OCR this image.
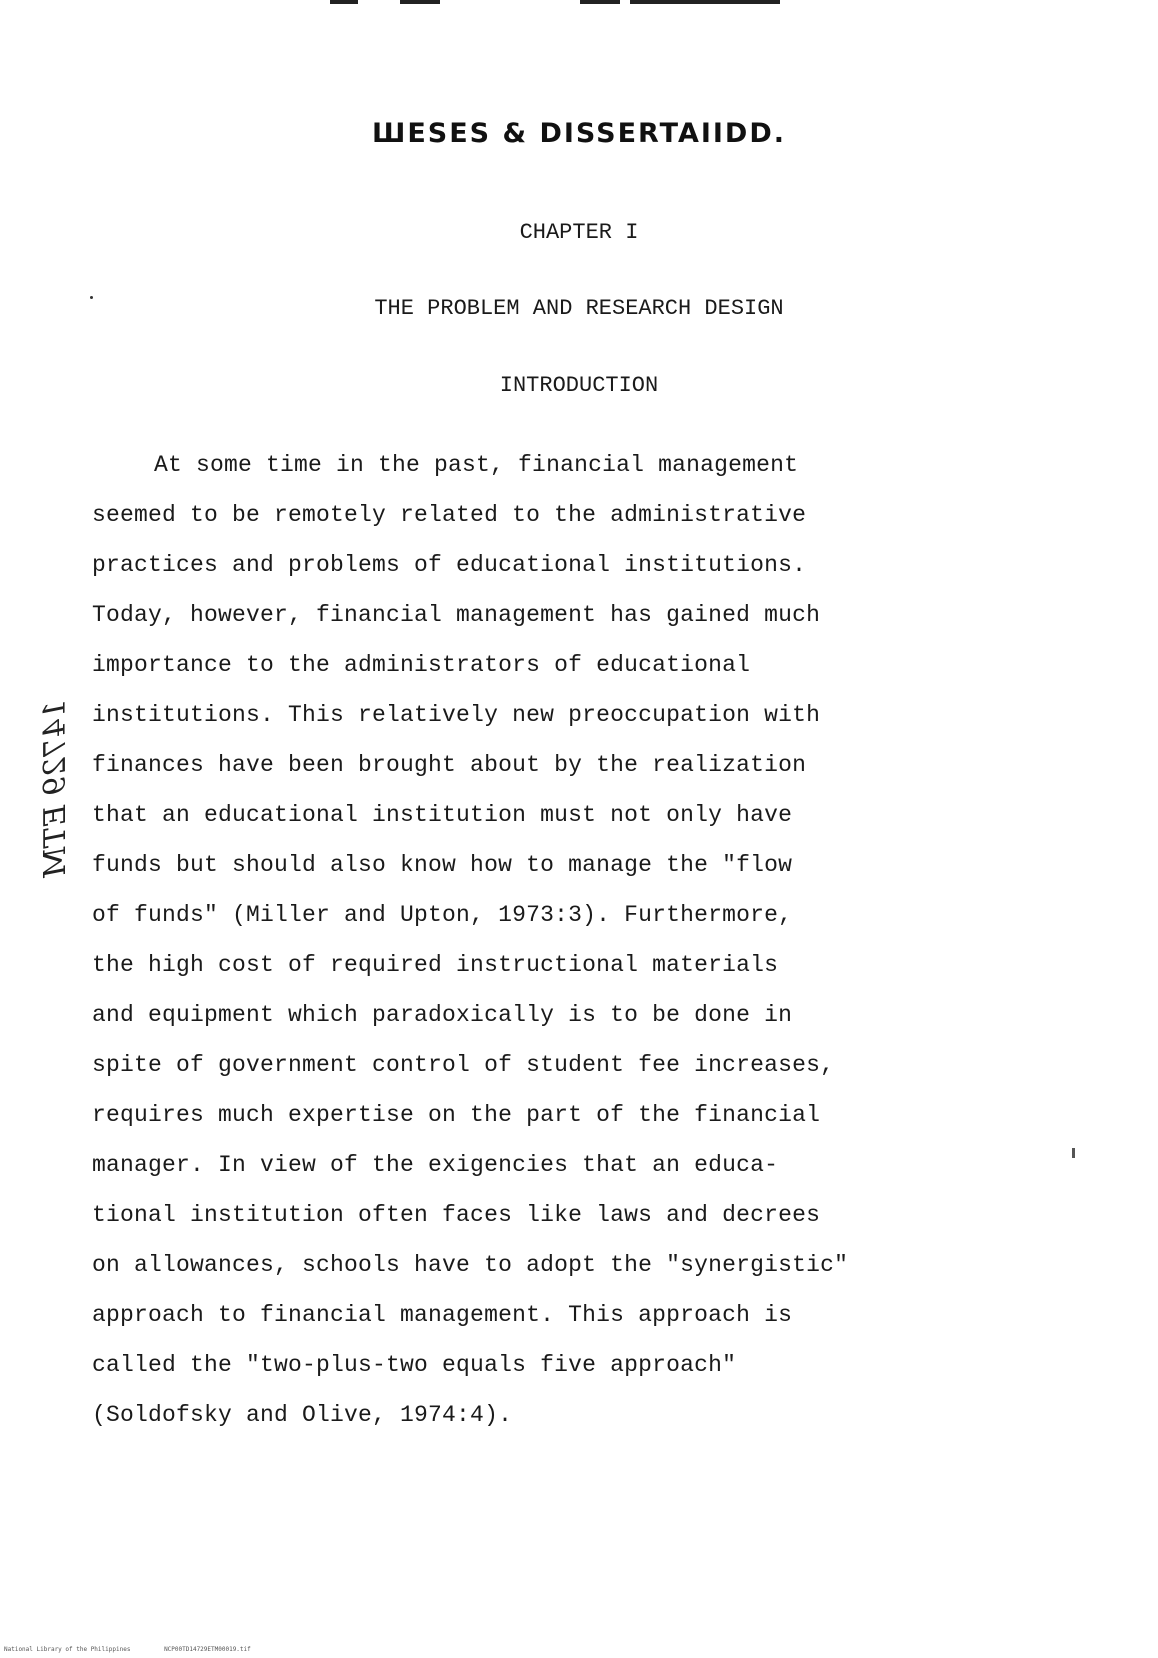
ШESES & DISSERTAIIDD.
CHAPTER I
THE PROBLEM AND RESEARCH DESIGN
INTRODUCTION
At some time in the past, financial management
seemed to be remotely related to the administrative
practices and problems of educational institutions.
Today, however, financial management has gained much
importance to the administrators of educational
institutions. This relatively new preoccupation with
finances have been brought about by the realization
that an educational institution must not only have
funds but should also know how to manage the "flow
of funds" (Miller and Upton, 1973:3). Furthermore,
the high cost of required instructional materials
and equipment which paradoxically is to be done in
spite of government control of student fee increases,
requires much expertise on the part of the financial
manager. In view of the exigencies that an educa-
tional institution often faces like laws and decrees
on allowances, schools have to adopt the "synergistic"
approach to financial management. This approach is
called the "two-plus-two equals five approach"
(Soldofsky and Olive, 1974:4).
14729 ЕТМ
National Library of the Philippines	NCP00TD14729ETM00019.tif
